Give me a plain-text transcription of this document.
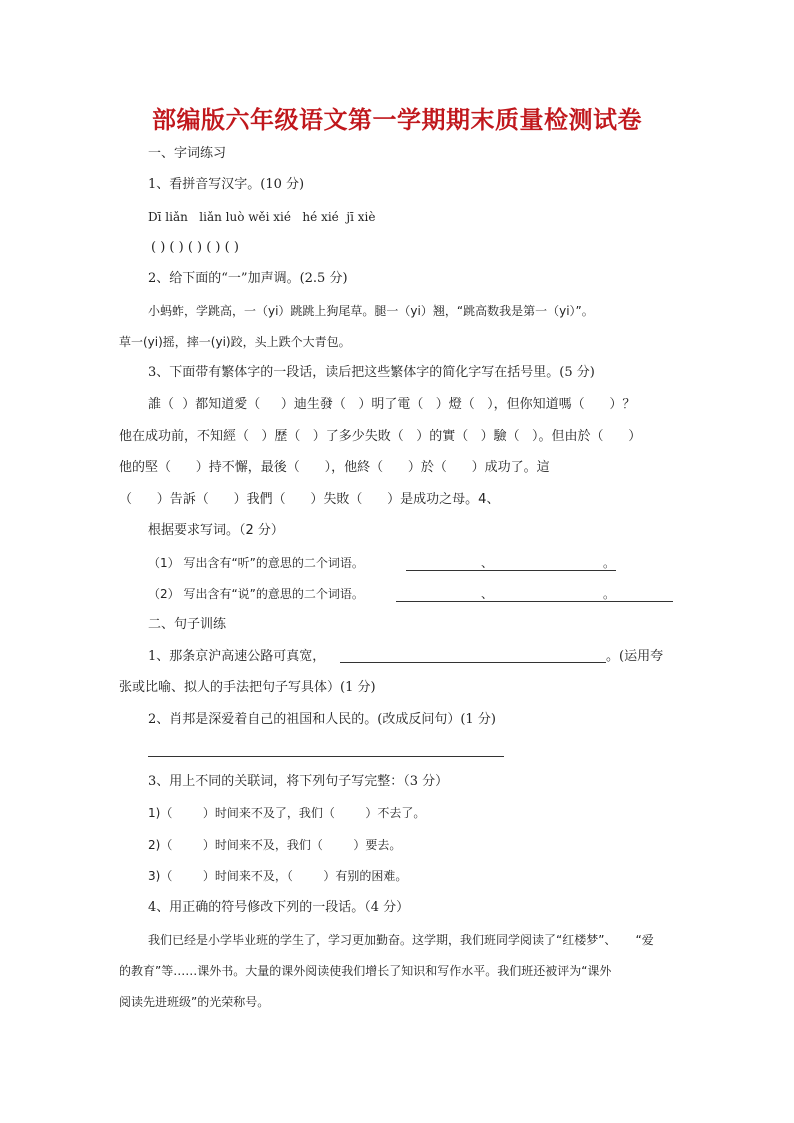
部编版六年级语文第一学期期末质量检测试卷
一、字词练习
1、看拼音写汉字。(10 分)
Dī liǎn   liǎn luò wěi xié   hé xié  jī xiè
( ) ( ) ( ) ( ) ( )
2、给下面的“一”加声调。(2.5 分)
小蚂蚱，学跳高，一（yi）跳跳上狗尾草。腿一（yi）翘，“跳高数我是第一（yi）”。
草一(yi)摇，摔一(yi)跤，头上跌个大青包。
3、下面带有繁体字的一段话，读后把这些繁体字的简化字写在括号里。(5 分)
誰（  ）都知道愛（     ）迪生發（   ）明了電（   ）燈（   ），但你知道嗎（      ）？
他在成功前，不知經（   ）歷（   ）了多少失敗（   ）的實（   ）驗（   ）。但由於（      ）
他的堅（      ）持不懈，最後（      ），他終（      ）於（      ）成功了。這
（      ）告訴（      ）我們（      ）失敗（      ）是成功之母。4、
根据要求写词。（2 分）
（1） 写出含有“听”的意思的二个词语。	、	。
（2） 写出含有“说”的意思的二个词语。	、	。
二、句子训练
1、那条京沪高速公路可真宽，	。(运用夸
张或比喻、拟人的手法把句子写具体）(1 分)
2、肖邦是深爱着自己的祖国和人民的。(改成反问句）(1 分)
3、用上不同的关联词，将下列句子写完整：（3 分）
1)（        ）时间来不及了，我们（        ）不去了。
2)（        ）时间来不及，我们（        ）要去。
3)（        ）时间来不及，（        ）有别的困难。
4、用正确的符号修改下列的一段话。（4 分）
我们已经是小学毕业班的学生了，学习更加勤奋。这学期，我们班同学阅读了“红楼梦”、     “爱
的教育”等……课外书。大量的课外阅读使我们增长了知识和写作水平。我们班还被评为“课外
阅读先进班级”的光荣称号。
